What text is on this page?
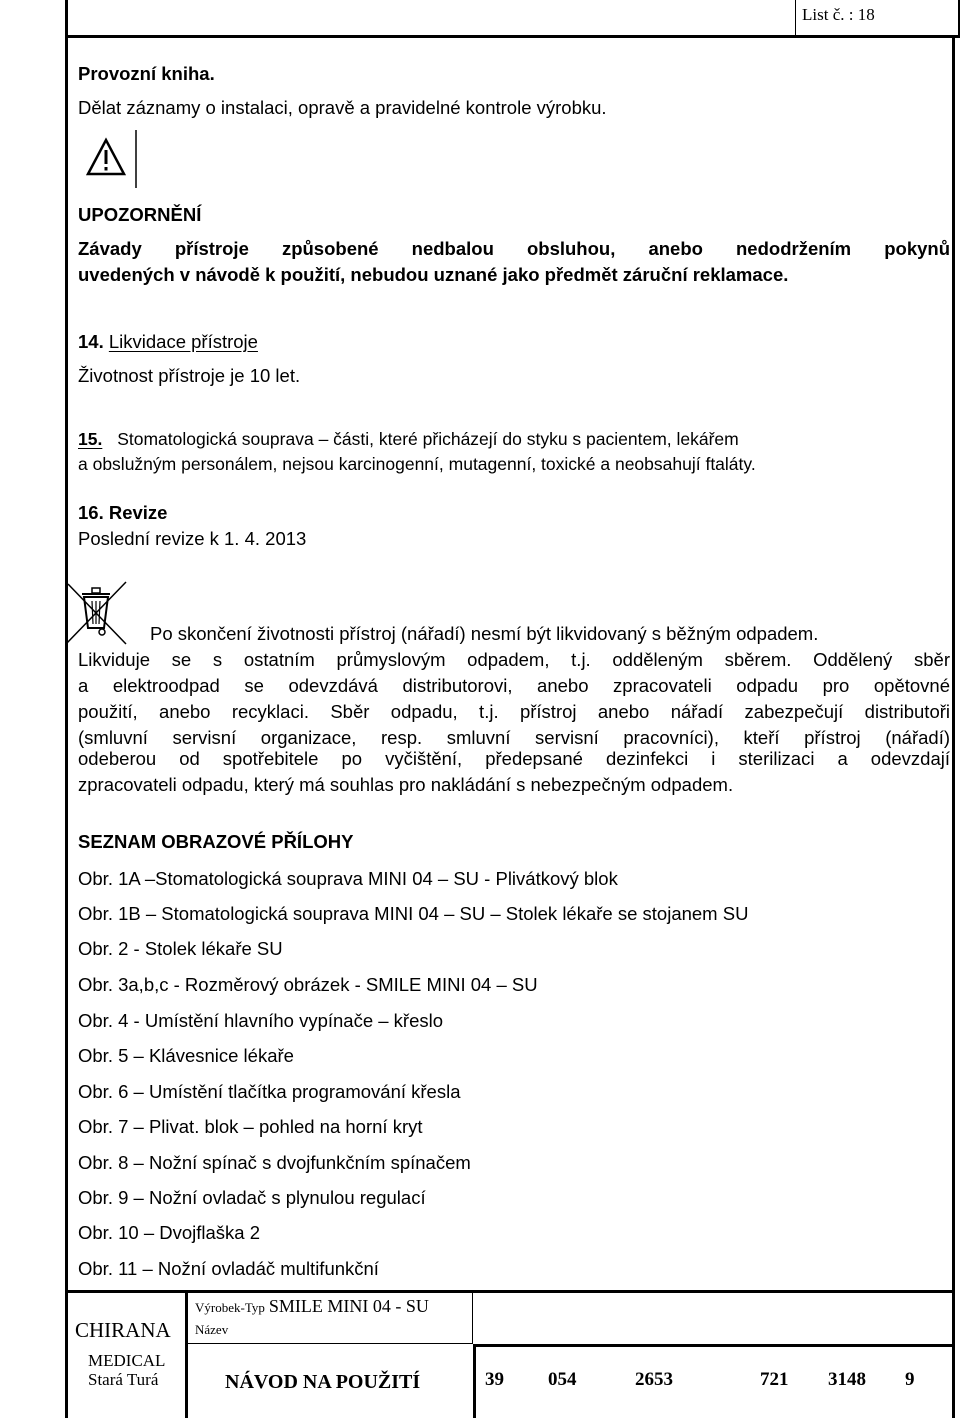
List č. : 18
Provozní kniha.
Dělat záznamy o instalaci, opravě a pravidelné kontrole výrobku.
UPOZORNĚNÍ
Závady přístroje způsobené nedbalou obsluhou, anebo nedodržením pokynů
uvedených v návodě k použití, nebudou uznané jako předmět záruční reklamace.
14. Likvidace přístroje
Životnost přístroje je 10 let.
15. Stomatologická souprava – části, které přicházejí do styku s pacientem, lekářem
a obslužným personálem, nejsou karcinogenní, mutagenní, toxické a neobsahují ftaláty.
16. Revize
Poslední revize k 1. 4. 2013
Po skončení životnosti přístroj (nářadí) nesmí být likvidovaný s běžným odpadem.
Likviduje se s ostatním průmyslovým odpadem, t.j. odděleným sběrem. Oddělený sběr
a elektroodpad se odevzdává distributorovi, anebo zpracovateli odpadu pro opětovné
použití, anebo recyklaci. Sběr odpadu, t.j. přístroj anebo nářadí zabezpečují distributoři
(smluvní servisní organizace, resp. smluvní servisní pracovníci), kteří přístroj (nářadí)
odeberou od spotřebitele po vyčištění, předepsané dezinfekci i sterilizaci a odevzdají
zpracovateli odpadu, který má souhlas pro nakládání s nebezpečným odpadem.
SEZNAM OBRAZOVÉ PŘÍLOHY
Obr. 1A –Stomatologická souprava MINI 04 – SU - Plivátkový blok
Obr. 1B – Stomatologická souprava MINI 04 – SU – Stolek lékaře se stojanem SU
Obr. 2 - Stolek lékaře SU
Obr. 3a,b,c - Rozměrový obrázek - SMILE MINI 04 – SU
Obr. 4 - Umístění hlavního vypínače – křeslo
Obr. 5 – Klávesnice lékaře
Obr. 6 – Umístění tlačítka programování křesla
Obr. 7 – Plivat. blok – pohled na horní kryt
Obr. 8 – Nožní spínač s dvojfunkčním spínačem
Obr. 9 – Nožní ovladač s plynulou regulací
Obr. 10 – Dvojflaška 2
Obr. 11 – Nožní ovladáč multifunkční
CHIRANA
MEDICAL
Stará Turá
Výrobek-Typ SMILE MINI 04 - SU
Název
NÁVOD NA POUŽITÍ	39 054	2653	721 3148 9
